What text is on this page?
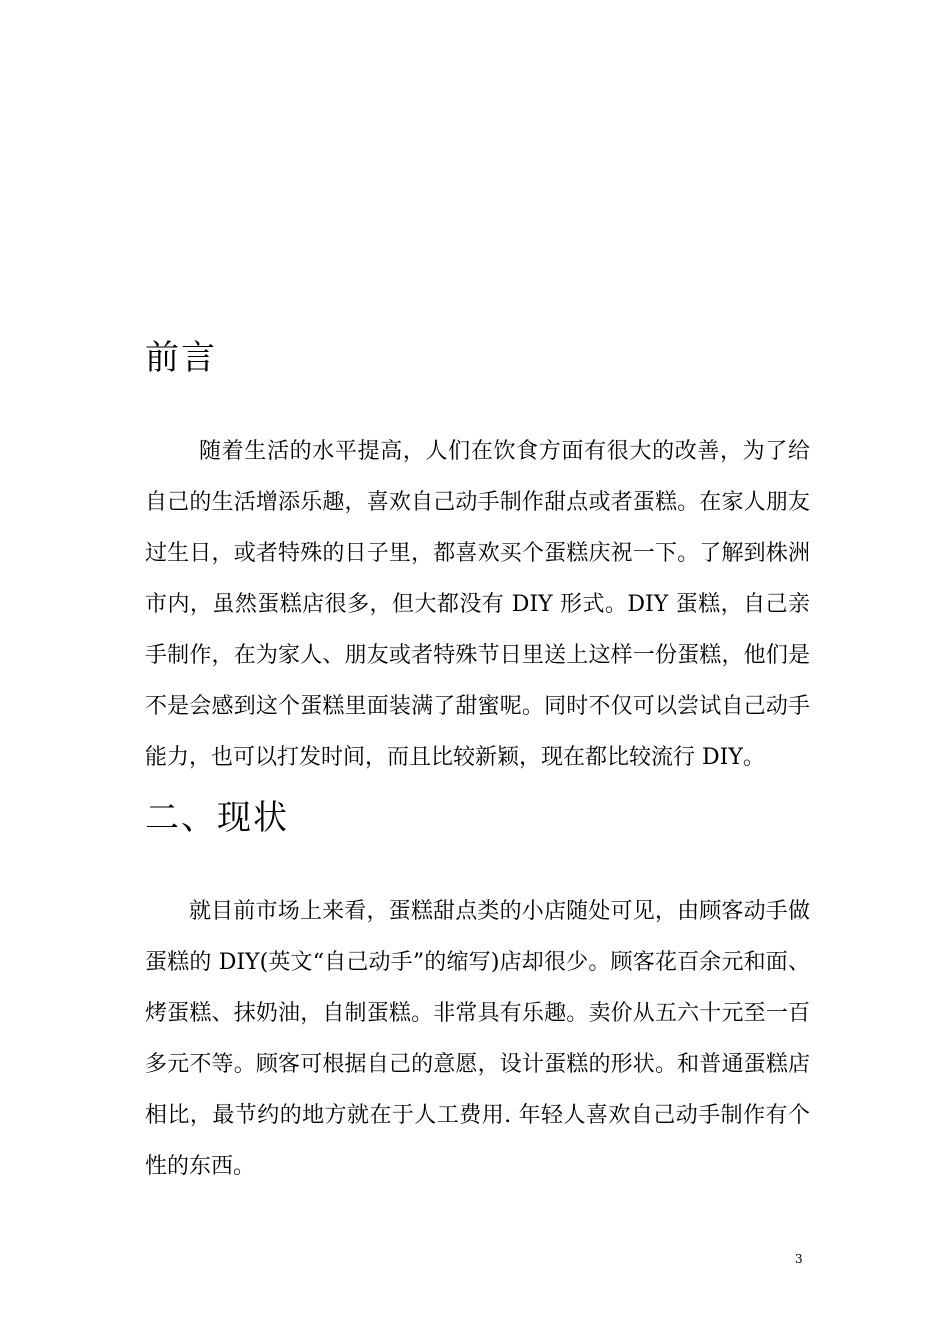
前言
随着生活的水平提高，人们在饮食方面有很大的改善，为了给
自己的生活增添乐趣，喜欢自己动手制作甜点或者蛋糕。在家人朋友
过生日，或者特殊的日子里，都喜欢买个蛋糕庆祝一下。了解到株洲
市内，虽然蛋糕店很多，但大都没有 DIY 形式。DIY 蛋糕，自己亲
手制作，在为家人、朋友或者特殊节日里送上这样一份蛋糕，他们是
不是会感到这个蛋糕里面装满了甜蜜呢。同时不仅可以尝试自己动手
能力，也可以打发时间，而且比较新颖，现在都比较流行 DIY。
二、现状
就目前市场上来看，蛋糕甜点类的小店随处可见，由顾客动手做
蛋糕的 DIY(英文“自己动手”的缩写)店却很少。顾客花百余元和面、
烤蛋糕、抹奶油，自制蛋糕。非常具有乐趣。卖价从五六十元至一百
多元不等。顾客可根据自己的意愿，设计蛋糕的形状。和普通蛋糕店
相比，最节约的地方就在于人工费用. 年轻人喜欢自己动手制作有个
性的东西。

3
